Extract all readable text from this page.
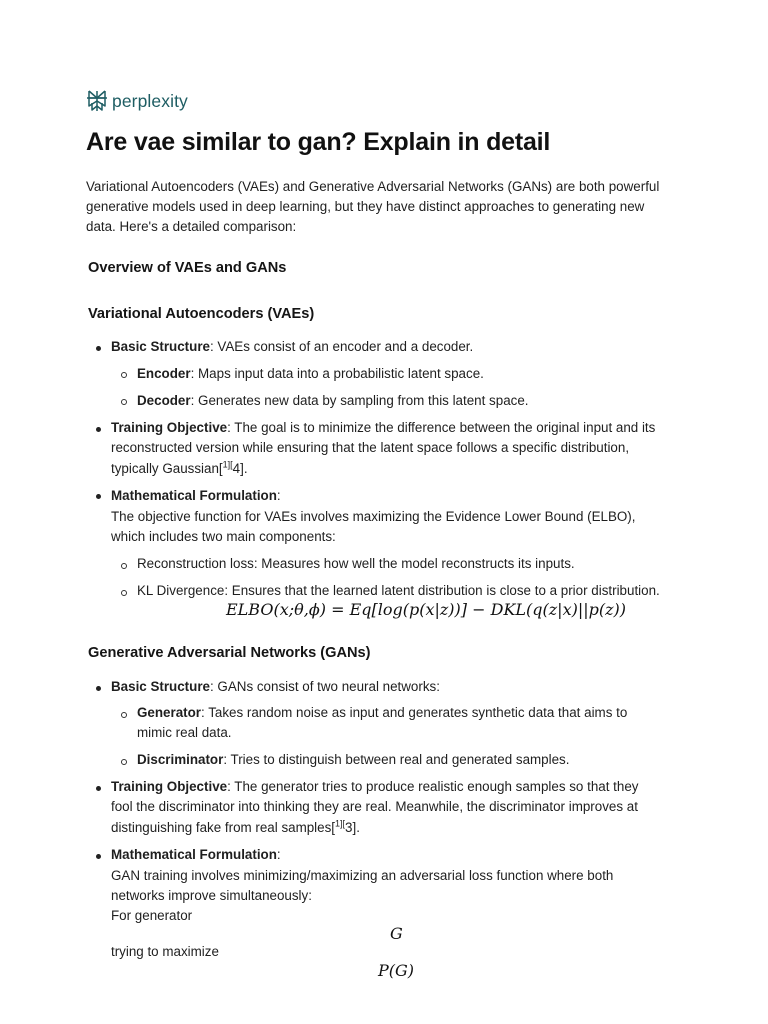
perplexity
Are vae similar to gan? Explain in detail

Variational Autoencoders (VAEs) and Generative Adversarial Networks (GANs) are both powerful

generative models used in deep learning, but they have distinct approaches to generating new

data. Here's a detailed comparison:

Overview of VAEs and GANs
Variational Autoencoders (VAEs)

Basic Structure: VAEs consist of an encoder and a decoder.

Encoder: Maps input data into a probabilistic latent space.

Decoder: Generates new data by sampling from this latent space.

Training Objective: The goal is to minimize the difference between the original input and its

reconstructed version while ensuring that the latent space follows a specific distribution,

typically Gaussian[$^{1][}$4].

Mathematical Formulation:

The objective function for VAEs involves maximizing the Evidence Lower Bound (ELBO),

which includes two main components:

Reconstruction loss: Measures how well the model reconstructs its inputs.

KL Divergence: Ensures that the learned latent distribution is close to a prior distribution.

ELBO(x;θ,ϕ) = Eq[log(p(x|z))] − DKL(q(z|x)||p(z))
Generative Adversarial Networks (GANs)

Basic Structure: GANs consist of two neural networks:

Generator: Takes random noise as input and generates synthetic data that aims to

mimic real data.

Discriminator: Tries to distinguish between real and generated samples.

Training Objective: The generator tries to produce realistic enough samples so that they

fool the discriminator into thinking they are real. Meanwhile, the discriminator improves at

distinguishing fake from real samples[$^{1][}$3].

Mathematical Formulation:

GAN training involves minimizing/maximizing an adversarial loss function where both

networks improve simultaneously:

For generator

G

trying to maximize

P(G)
